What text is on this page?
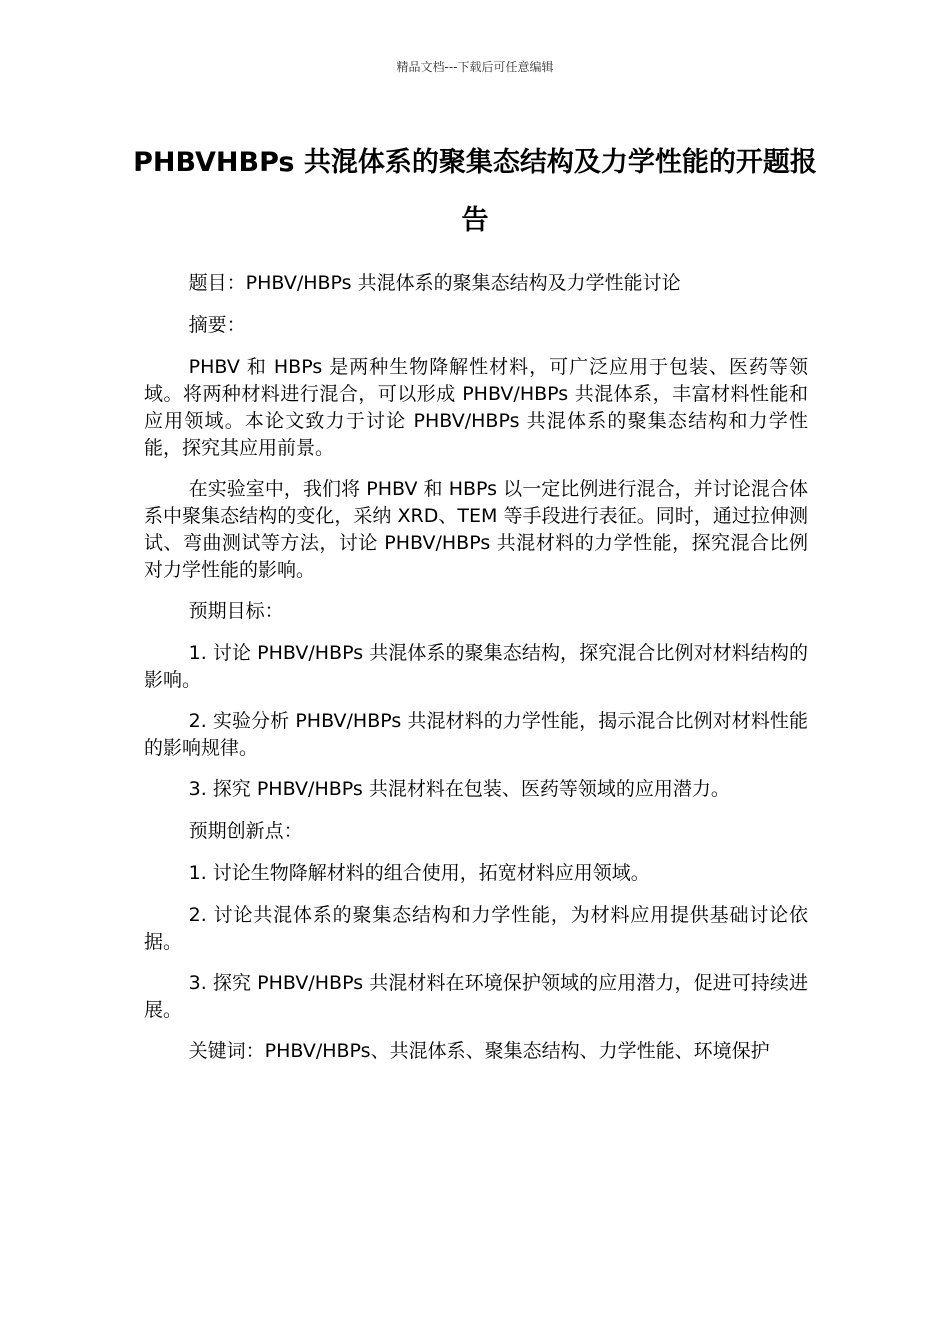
精品文档---下载后可任意编辑
PHBVHBPs 共混体系的聚集态结构及力学性能的开题报告

题目：PHBV/HBPs 共混体系的聚集态结构及力学性能讨论

摘要：

PHBV 和 HBPs 是两种生物降解性材料，可广泛应用于包装、医药等领域。将两种材料进行混合，可以形成 PHBV/HBPs 共混体系，丰富材料性能和应用领域。本论文致力于讨论 PHBV/HBPs 共混体系的聚集态结构和力学性能，探究其应用前景。

在实验室中，我们将 PHBV 和 HBPs 以一定比例进行混合，并讨论混合体系中聚集态结构的变化，采纳 XRD、TEM 等手段进行表征。同时，通过拉伸测试、弯曲测试等方法，讨论 PHBV/HBPs 共混材料的力学性能，探究混合比例对力学性能的影响。

预期目标：

1. 讨论 PHBV/HBPs 共混体系的聚集态结构，探究混合比例对材料结构的影响。

2. 实验分析 PHBV/HBPs 共混材料的力学性能，揭示混合比例对材料性能的影响规律。

3. 探究 PHBV/HBPs 共混材料在包装、医药等领域的应用潜力。

预期创新点：

1. 讨论生物降解材料的组合使用，拓宽材料应用领域。

2. 讨论共混体系的聚集态结构和力学性能，为材料应用提供基础讨论依据。

3. 探究 PHBV/HBPs 共混材料在环境保护领域的应用潜力，促进可持续进展。

关键词：PHBV/HBPs、共混体系、聚集态结构、力学性能、环境保护
